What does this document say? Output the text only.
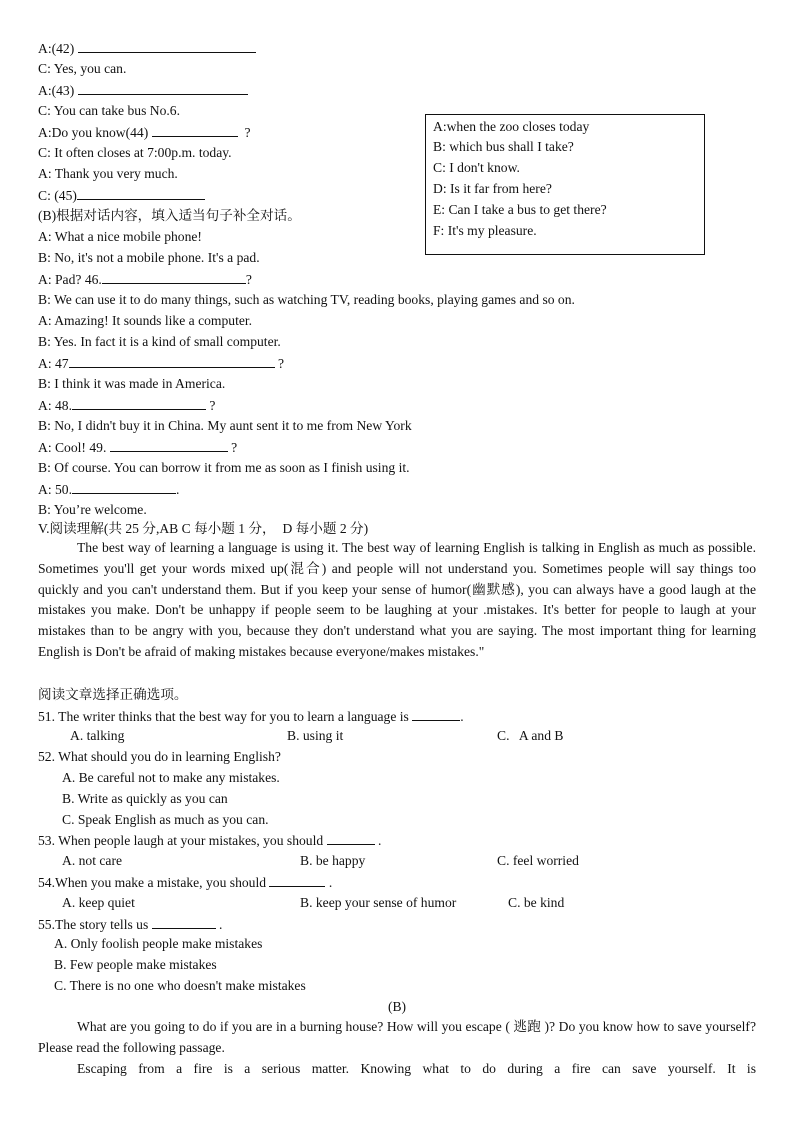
A:(42)
C: Yes, you can.
A:(43)
C: You can take bus No.6.
A:Do you know(44)	?
C: It often closes at 7:00p.m. today.
A: Thank you very much.
C: (45)
A:when the zoo closes today
B: which bus shall I take?
C: I don't know.
D: Is it far from here?
E: Can I take a bus to get there?
F: It's my pleasure.
(B)根据对话内容，填入适当句子补全对话。
A: What a nice mobile phone!
B: No, it's not a mobile phone. It's a pad.
A: Pad? 46.	?
B: We can use it to do many things, such as watching TV, reading books, playing games and so on.
A: Amazing! It sounds like a computer.
B: Yes. In fact it is a kind of small computer.
A: 47	?
B: I think it was made in America.
A: 48.	?
B: No, I didn't buy it in China. My aunt sent it to me from New York
A: Cool! 49.	?
B: Of course. You can borrow it from me as soon as I finish using it.
A: 50.	.
B: You’re welcome.
V.阅读理解(共 25 分,AB C 每小题 1 分，  D 每小题 2 分)
The best way of learning a language is using it. The best way of learning English is talking in English as much as possible. Sometimes you'll get your words mixed up(混合) and people will not understand you. Sometimes people will say things too quickly and you can't understand them. But if you keep your sense of humor(幽默感), you can always have a good laugh at the mistakes you make. Don't be unhappy if people seem to be laughing at your .mistakes. It's better for people to laugh at your mistakes than to be angry with you, because they don't understand what you are saying. The most important thing for learning English is Don't be afraid of making mistakes because everyone/makes mistakes."
阅读文章选择正确选项。
51. The writer thinks that the best way for you to learn a language is	.
A. talking	B. using it	C.   A and B
52. What should you do in learning English?
A. Be careful not to make any mistakes.
B. Write as quickly as you can
C. Speak English as much as you can.
53. When people laugh at your mistakes, you should	.
A. not care	B. be happy	C. feel worried
54.When you make a mistake, you should	.
A. keep quiet	B. keep your sense of humor	C. be kind
55.The story tells us	.
A. Only foolish people make mistakes
B. Few people make mistakes
C. There is no one who doesn't make mistakes
(B)
What are you going to do if you are in a burning house? How will you escape ( 逃跑 )? Do you know how to save yourself? Please read the following passage.
Escaping from a fire is a serious matter. Knowing what to do during a fire can save yourself. It is
